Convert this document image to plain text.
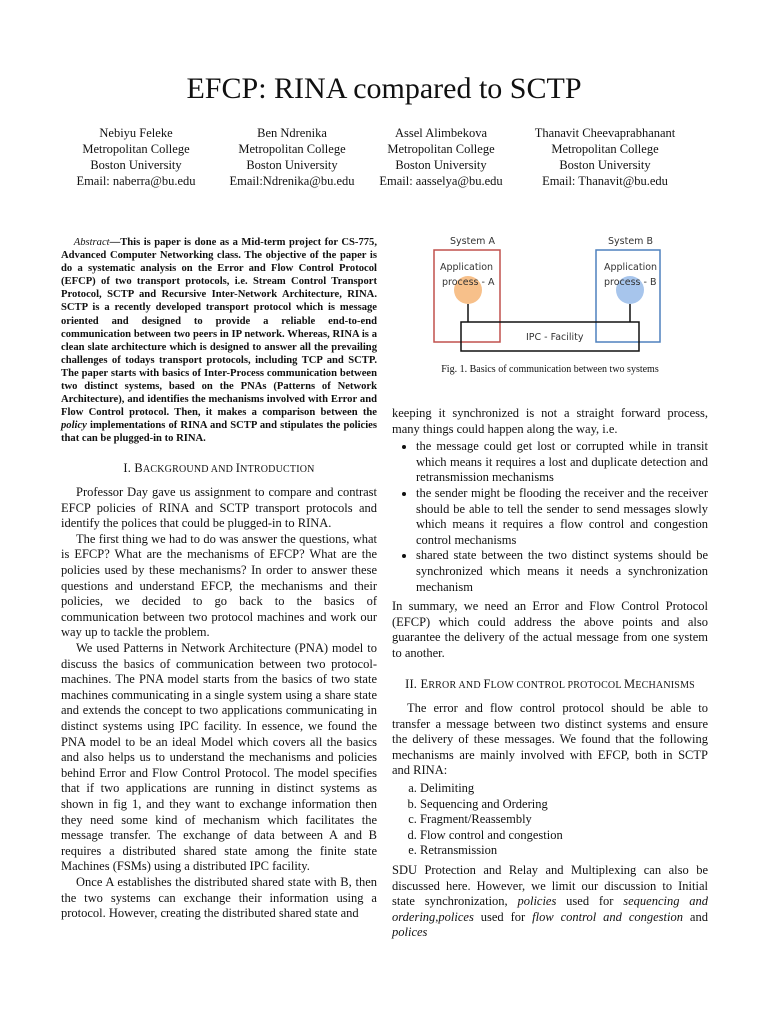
EFCP: RINA compared to SCTP
Nebiyu Feleke
Metropolitan College
Boston University
Email: naberra@bu.edu
Ben Ndrenika
Metropolitan College
Boston University
Email:Ndrenika@bu.edu
Assel Alimbekova
Metropolitan College
Boston University
Email: aasselya@bu.edu
Thanavit Cheevaprabhanant
Metropolitan College
Boston University
Email: Thanavit@bu.edu

Abstract—This is paper is done as a Mid-term project for CS-775, Advanced Computer Networking class. The objective of the paper is do a systematic analysis on the Error and Flow Control Protocol (EFCP) of two transport protocols, i.e. Stream Control Transport Protocol, SCTP and Recursive Inter-Network Architecture, RINA. SCTP is a recently developed transport protocol which is message oriented and designed to provide a reliable end-to-end communication between two peers in IP network. Whereas, RINA is a clean slate architecture which is designed to answer all the prevailing challenges of todays transport protocols, including TCP and SCTP. The paper starts with basics of Inter-Process communication between two distinct systems, based on the PNAs (Patterns of Network Architecture), and identifies the mechanisms involved with Error and Flow Control protocol. Then, it makes a comparison between the policy implementations of RINA and SCTP and stipulates the policies that can be plugged-in to RINA.

I. BACKGROUND AND INTRODUCTION

Professor Day gave us assignment to compare and contrast EFCP policies of RINA and SCTP transport protocols and identify the polices that could be plugged-in to RINA.

The first thing we had to do was answer the questions, what is EFCP? What are the mechanisms of EFCP? What are the policies used by these mechanisms? In order to answer these questions and understand EFCP, the mechanisms and their policies, we decided to go back to the basics of communication between two protocol machines and work our way up to tackle the problem.

We used Patterns in Network Architecture (PNA) model to discuss the basics of communication between two protocol-machines. The PNA model starts from the basics of two state machines communicating in a single system using a share state and extends the concept to two applications communicating in distinct systems using IPC facility. In essence, we found the PNA model to be an ideal Model which covers all the basics and also helps us to understand the mechanisms and policies behind Error and Flow Control Protocol. The model specifies that if two applications are running in distinct systems as shown in fig 1, and they want to exchange information then they need some kind of mechanism which facilitates the message transfer. The exchange of data between A and B requires a distributed shared state among the finite state Machines (FSMs) using a distributed IPC facility.

Once A establishes the distributed shared state with B, then the two systems can exchange their information using a protocol. However, creating the distributed shared state and

System A	System B
Application
process - A
Application
process - B
IPC - Facility
Fig. 1. Basics of communication between two systems

keeping it synchronized is not a straight forward process, many things could happen along the way, i.e.

• the message could get lost or corrupted while in transit which means it requires a lost and duplicate detection and retransmission mechanisms
• the sender might be flooding the receiver and the receiver should be able to tell the sender to send messages slowly which means it requires a flow control and congestion control mechanisms
• shared state between the two distinct systems should be synchronized which means it needs a synchronization mechanism

In summary, we need an Error and Flow Control Protocol (EFCP) which could address the above points and also guarantee the delivery of the actual message from one system to another.

II. ERROR AND FLOW CONTROL PROTOCOL MECHANISMS

The error and flow control protocol should be able to transfer a message between two distinct systems and ensure the delivery of these messages. We found that the following mechanisms are mainly involved with EFCP, both in SCTP and RINA:

a. Delimiting
b. Sequencing and Ordering
c. Fragment/Reassembly
d. Flow control and congestion
e. Retransmission

SDU Protection and Relay and Multiplexing can also be discussed here. However, we limit our discussion to Initial state synchronization, policies used for sequencing and ordering,polices used for flow control and congestion and polices
